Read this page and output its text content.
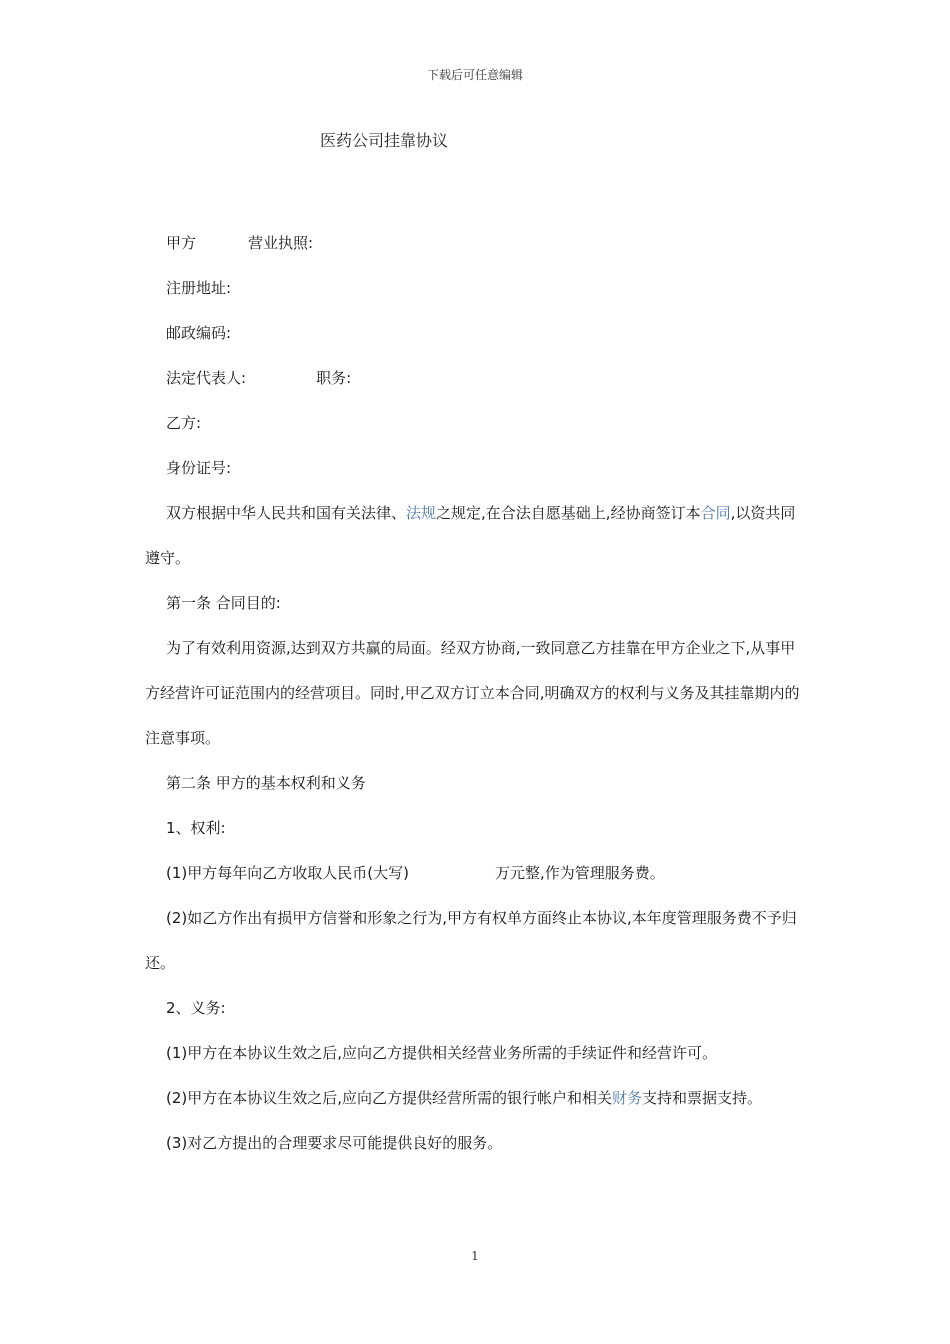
下载后可任意编辑
医药公司挂靠协议

甲方	营业执照:

注册地址:

邮政编码:

法定代表人:	职务:

乙方:

身份证号:

双方根据中华人民共和国有关法律、法规之规定,在合法自愿基础上,经协商签订本合同,以资共同遵守。

第一条 合同目的:

为了有效利用资源,达到双方共赢的局面。经双方协商,一致同意乙方挂靠在甲方企业之下,从事甲方经营许可证范围内的经营项目。同时,甲乙双方订立本合同,明确双方的权利与义务及其挂靠期内的注意事项。

第二条 甲方的基本权利和义务

1、权利:

(1)甲方每年向乙方收取人民币(大写)	万元整,作为管理服务费。

(2)如乙方作出有损甲方信誉和形象之行为,甲方有权单方面终止本协议,本年度管理服务费不予归还。

2、义务:

(1)甲方在本协议生效之后,应向乙方提供相关经营业务所需的手续证件和经营许可。

(2)甲方在本协议生效之后,应向乙方提供经营所需的银行帐户和相关财务支持和票据支持。

(3)对乙方提出的合理要求尽可能提供良好的服务。

1
